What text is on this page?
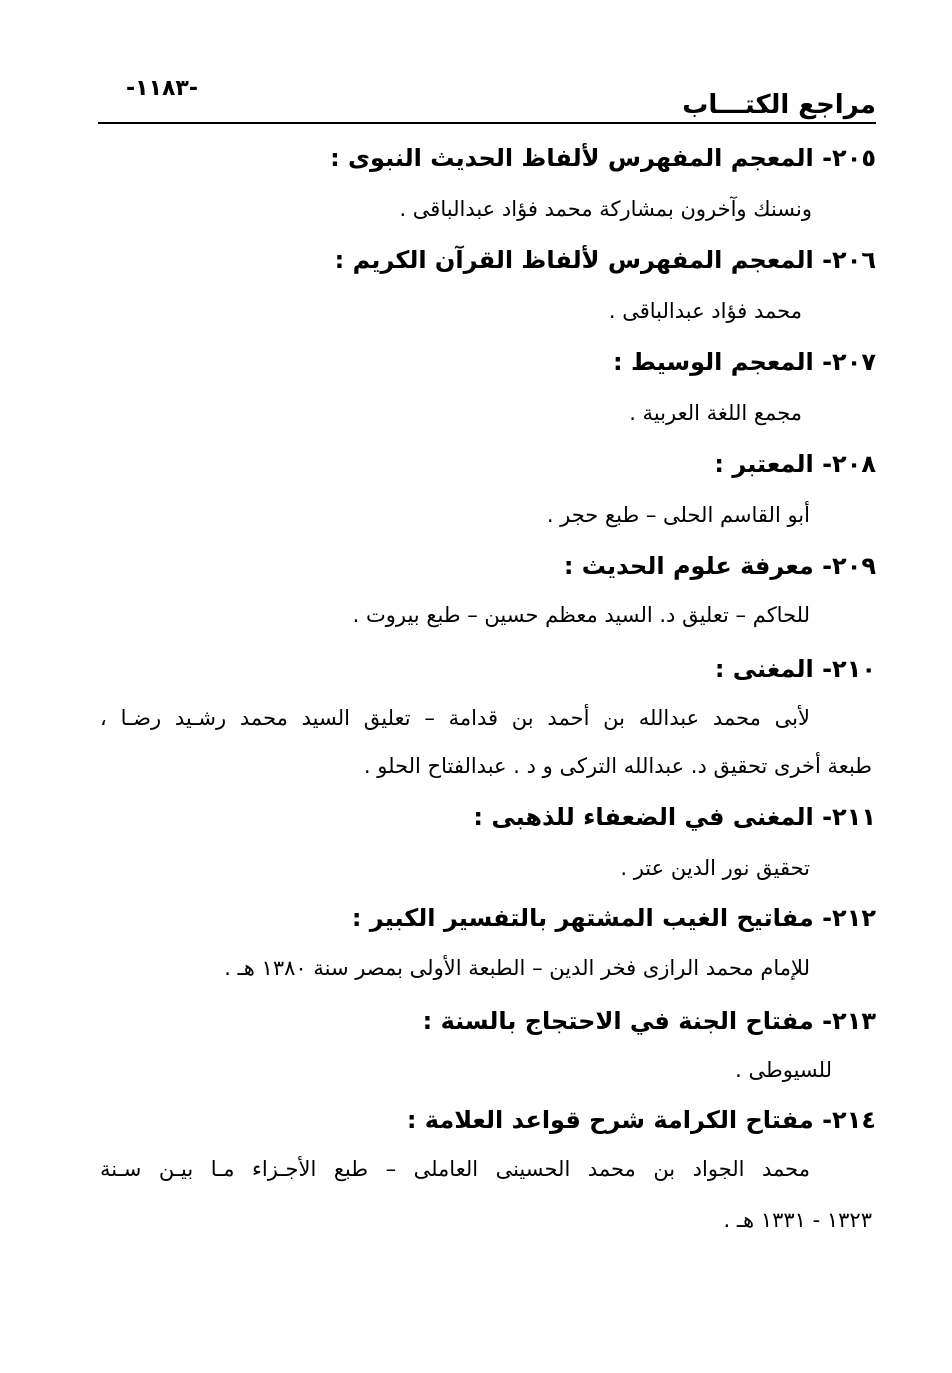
-١١٨٣-
مراجع الكتـــاب
٢٠٥- المعجم المفهرس لألفاظ الحديث النبوى :
ونسنك وآخرون بمشاركة محمد فؤاد عبدالباقى .
٢٠٦- المعجم المفهرس لألفاظ القرآن الكريم :
محمد فؤاد عبدالباقى .
٢٠٧- المعجم الوسيط :
مجمع اللغة العربية .
٢٠٨- المعتبر :
أبو القاسم الحلى – طبع حجر .
٢٠٩- معرفة علوم الحديث :
للحاكم – تعليق د. السيد معظم حسين – طبع بيروت .
٢١٠- المغنى :
لأبى محمد عبدالله بن أحمد بن قدامة – تعليق السيد محمد رشـيد رضـا ،
طبعة أخرى تحقيق د. عبدالله التركى و د . عبدالفتاح الحلو .
٢١١- المغنى في الضعفاء للذهبى :
تحقيق نور الدين عتر .
٢١٢- مفاتيح الغيب المشتهر بالتفسير الكبير :
للإمام محمد الرازى فخر الدين – الطبعة الأولى بمصر سنة ١٣٨٠ هـ .
٢١٣- مفتاح الجنة في الاحتجاج بالسنة :
للسيوطى .
٢١٤- مفتاح الكرامة شرح قواعد العلامة :
محمد الجواد بن محمد الحسينى العاملى – طبع الأجـزاء مـا بيـن سـنة
١٣٢٣ - ١٣٣١ هـ .
